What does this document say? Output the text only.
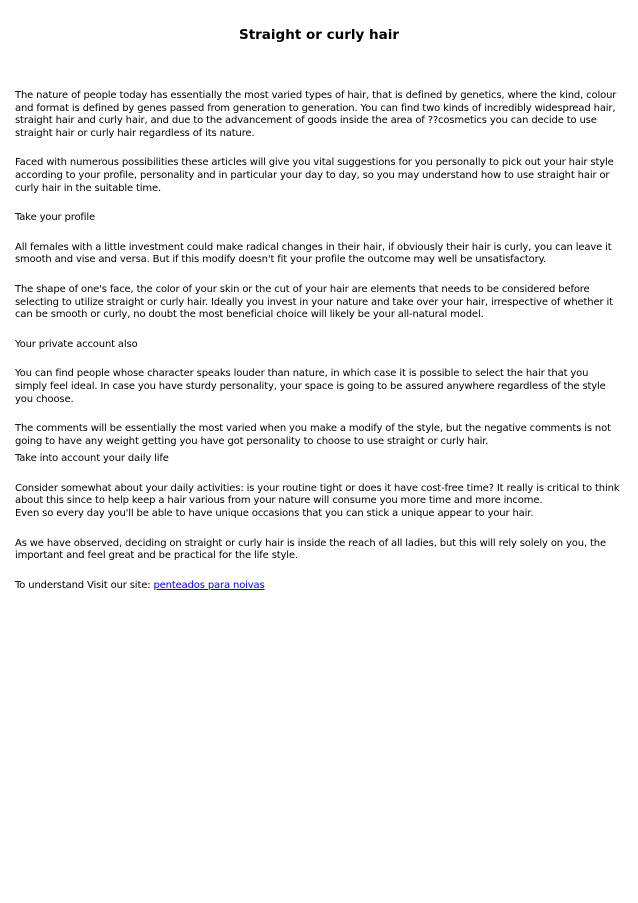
Straight or curly hair

The nature of people today has essentially the most varied types of hair, that is defined by genetics, where the kind, colour and format is defined by genes passed from generation to generation. You can find two kinds of incredibly widespread hair, straight hair and curly hair, and due to the advancement of goods inside the area of ??cosmetics you can decide to use straight hair or curly hair regardless of its nature.

Faced with numerous possibilities these articles will give you vital suggestions for you personally to pick out your hair style according to your profile, personality and in particular your day to day, so you may understand how to use straight hair or curly hair in the suitable time.

Take your profile

All females with a little investment could make radical changes in their hair, if obviously their hair is curly, you can leave it smooth and vise and versa. But if this modify doesn't fit your profile the outcome may well be unsatisfactory.

The shape of one's face, the color of your skin or the cut of your hair are elements that needs to be considered before selecting to utilize straight or curly hair. Ideally you invest in your nature and take over your hair, irrespective of whether it can be smooth or curly, no doubt the most beneficial choice will likely be your all-natural model.

Your private account also

You can find people whose character speaks louder than nature, in which case it is possible to select the hair that you simply feel ideal. In case you have sturdy personality, your space is going to be assured anywhere regardless of the style you choose.

The comments will be essentially the most varied when you make a modify of the style, but the negative comments is not going to have any weight getting you have got personality to choose to use straight or curly hair.

Take into account your daily life

Consider somewhat about your daily activities: is your routine tight or does it have cost-free time? It really is critical to think about this since to help keep a hair various from your nature will consume you more time and more income.

Even so every day you'll be able to have unique occasions that you can stick a unique appear to your hair.

As we have observed, deciding on straight or curly hair is inside the reach of all ladies, but this will rely solely on you, the important and feel great and be practical for the life style.

To understand Visit our site: penteados para noivas
